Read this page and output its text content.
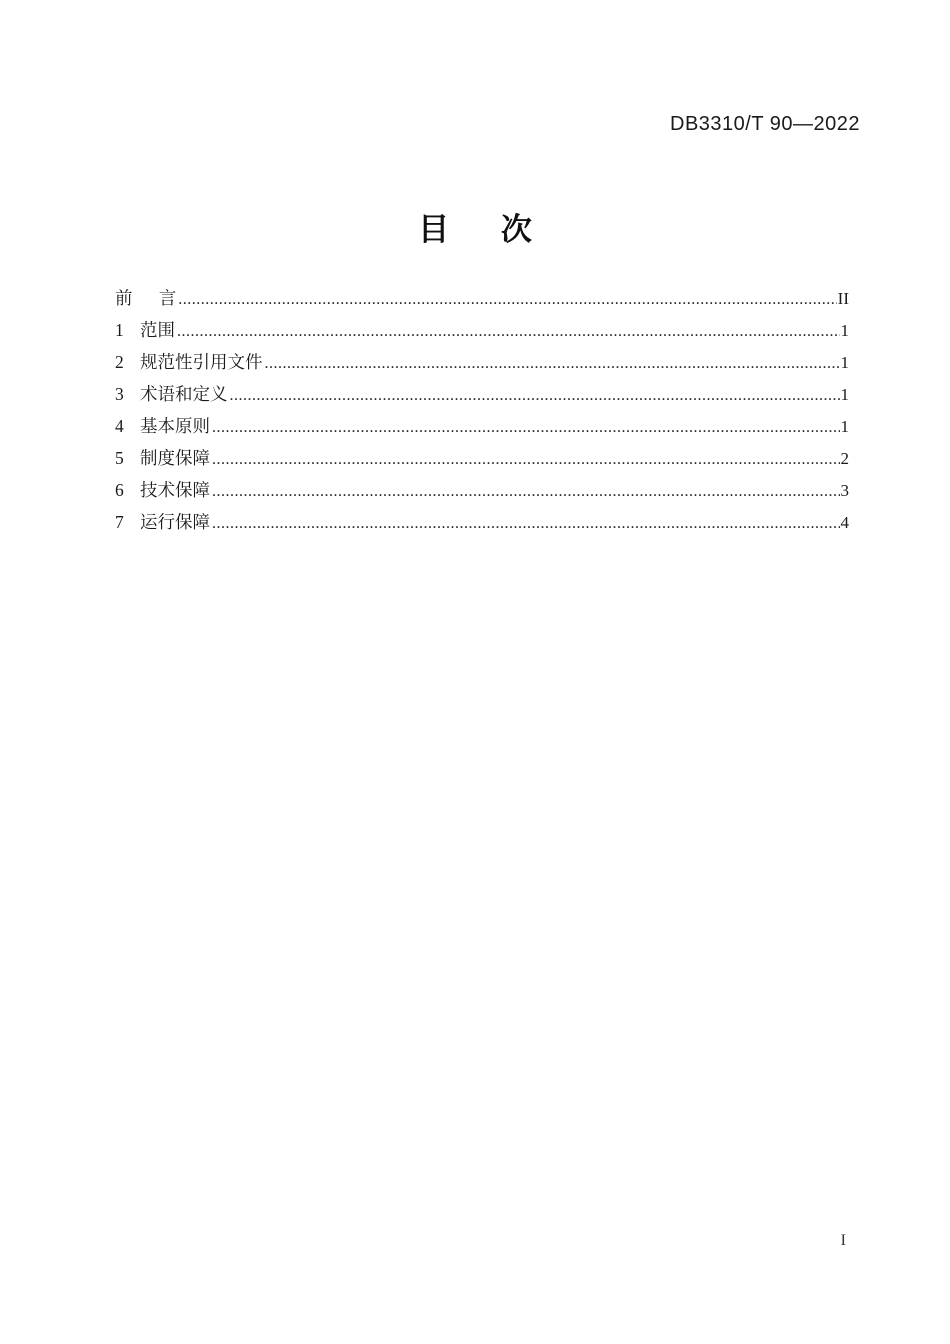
DB3310/T 90—2022
目      次
前      言 .....	II
1 范围 .....	1
2 规范性引用文件 .....	1
3 术语和定义 .....	1
4 基本原则 .....	1
5 制度保障 .....	2
6 技术保障 .....	3
7 运行保障 .....	4
I
